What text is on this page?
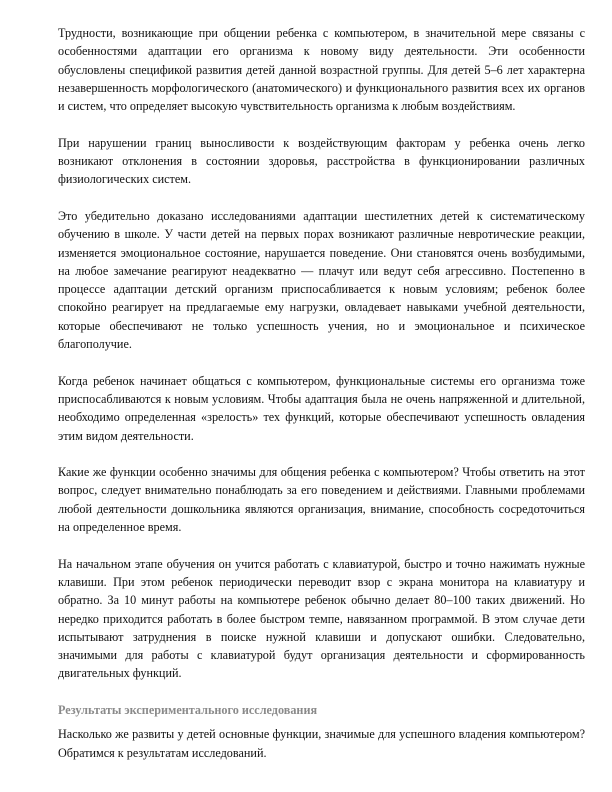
Трудности, возникающие при общении ребенка с компьютером, в значительной мере связаны с особенностями адаптации его организма к новому виду деятельности. Эти особенности обусловлены спецификой развития детей данной возрастной группы. Для детей 5–6 лет характерна незавершенность морфологического (анатомического) и функционального развития всех их органов и систем, что определяет высокую чувствительность организма к любым воздействиям.

При нарушении границ выносливости к воздействующим факторам у ребенка очень легко возникают отклонения в состоянии здоровья, расстройства в функционировании различных физиологических систем.

Это убедительно доказано исследованиями адаптации шестилетних детей к систематическому обучению в школе. У части детей на первых порах возникают различные невротические реакции, изменяется эмоциональное состояние, нарушается поведение. Они становятся очень возбудимыми, на любое замечание реагируют неадекватно — плачут или ведут себя агрессивно. Постепенно в процессе адаптации детский организм приспосабливается к новым условиям; ребенок более спокойно реагирует на предлагаемые ему нагрузки, овладевает навыками учебной деятельности, которые обеспечивают не только успешность учения, но и эмоциональное и психическое благополучие.

Когда ребенок начинает общаться с компьютером, функциональные системы его организма тоже приспосабливаются к новым условиям. Чтобы адаптация была не очень напряженной и длительной, необходимо определенная «зрелость» тех функций, которые обеспечивают успешность овладения этим видом деятельности.

Какие же функции особенно значимы для общения ребенка с компьютером? Чтобы ответить на этот вопрос, следует внимательно понаблюдать за его поведением и действиями. Главными проблемами любой деятельности дошкольника являются организация, внимание, способность сосредоточиться на определенное время.

На начальном этапе обучения он учится работать с клавиатурой, быстро и точно нажимать нужные клавиши. При этом ребенок периодически переводит взор с экрана монитора на клавиатуру и обратно. За 10 минут работы на компьютере ребенок обычно делает 80–100 таких движений. Но нередко приходится работать в более быстром темпе, навязанном программой. В этом случае дети испытывают затруднения в поиске нужной клавиши и допускают ошибки. Следовательно, значимыми для работы с клавиатурой будут организация деятельности и сформированность двигательных функций.

Результаты экспериментального исследования

Насколько же развиты у детей основные функции, значимые для успешного владения компьютером? Обратимся к результатам исследований.
